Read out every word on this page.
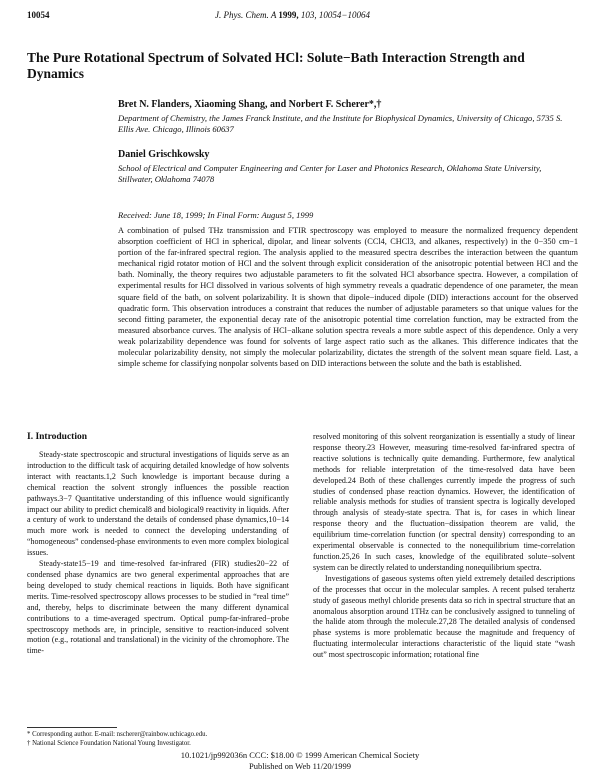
10054	J. Phys. Chem. A 1999, 103, 10054−10064
The Pure Rotational Spectrum of Solvated HCl: Solute−Bath Interaction Strength and Dynamics
Bret N. Flanders, Xiaoming Shang, and Norbert F. Scherer*,†
Department of Chemistry, the James Franck Institute, and the Institute for Biophysical Dynamics, University of Chicago, 5735 S. Ellis Ave. Chicago, Illinois 60637
Daniel Grischkowsky
School of Electrical and Computer Engineering and Center for Laser and Photonics Research, Oklahoma State University, Stillwater, Oklahoma 74078
Received: June 18, 1999; In Final Form: August 5, 1999

A combination of pulsed THz transmission and FTIR spectroscopy was employed to measure the normalized frequency dependent absorption coefficient of HCl in spherical, dipolar, and linear solvents (CCl4, CHCl3, and alkanes, respectively) in the 0−350 cm−1 portion of the far-infrared spectral region. The analysis applied to the measured spectra describes the interaction between the quantum mechanical rigid rotator motion of HCl and the solvent through explicit consideration of the anisotropic potential between HCl and the bath. Nominally, the theory requires two adjustable parameters to fit the solvated HCl absorbance spectra. However, a compilation of experimental results for HCl dissolved in various solvents of high symmetry reveals a quadratic dependence of one parameter, the mean square field of the bath, on solvent polarizability. It is shown that dipole−induced dipole (DID) interactions account for the observed quadratic form. This observation introduces a constraint that reduces the number of adjustable parameters so that unique values for the second fitting parameter, the exponential decay rate of the anisotropic potential time correlation function, may be extracted from the measured absorbance curves. The analysis of HCl−alkane solution spectra reveals a more subtle aspect of this dependence. Only a very weak polarizability dependence was found for solvents of large aspect ratio such as the alkanes. This difference indicates that the molecular polarizability density, not simply the molecular polarizability, dictates the strength of the solvent mean square field. Last, a simple scheme for classifying nonpolar solvents based on DID interactions between the solute and the bath is established.

I. Introduction

Steady-state spectroscopic and structural investigations of liquids serve as an introduction to the difficult task of acquiring detailed knowledge of how solvents interact with reactants.1,2 Such knowledge is important because during a chemical reaction the solvent strongly influences the possible reaction pathways.3−7 Quantitative understanding of this influence would significantly impact our ability to predict chemical8 and biological9 reactivity in liquids. After a century of work to understand the details of condensed phase dynamics,10−14 much more work is needed to connect the developing understanding of “homogeneous” condensed-phase environments to even more complex biological issues.

Steady-state15−19 and time-resolved far-infrared (FIR) studies20−22 of condensed phase dynamics are two general experimental approaches that are being developed to study chemical reactions in liquids. Both have significant merits. Time-resolved spectroscopy allows processes to be studied in “real time” and, thereby, helps to discriminate between the many different dynamical contributions to a time-averaged spectrum. Optical pump-far-infrared−probe spectroscopy methods are, in principle, sensitive to reaction-induced solvent motion (e.g., rotational and translational) in the vicinity of the chromophore. The time-

resolved monitoring of this solvent reorganization is essentially a study of linear response theory.23 However, measuring time-resolved far-infrared spectra of reactive solutions is technically quite demanding. Furthermore, few analytical methods for reliable interpretation of the time-resolved data have been developed.24 Both of these challenges currently impede the progress of such studies of condensed phase reaction dynamics. However, the identification of reliable analysis methods for studies of transient spectra is logically developed through analysis of steady-state spectra. That is, for cases in which linear response theory and the fluctuation−dissipation theorem are valid, the equilibrium time-correlation function (or spectral density) corresponding to an experimental observable is connected to the nonequilibrium time-correlation function.25,26 In such cases, knowledge of the equilibrated solute−solvent system can be directly related to understanding nonequilibrium spectra.

Investigations of gaseous systems often yield extremely detailed descriptions of the processes that occur in the molecular samples. A recent pulsed terahertz study of gaseous methyl chloride presents data so rich in spectral structure that an anomalous absorption around 1THz can be conclusively assigned to tunneling of the halide atom through the molecule.27,28 The detailed analysis of condensed phase systems is more problematic because the magnitude and frequency of fluctuating intermolecular interactions characteristic of the liquid state “wash out” most spectroscopic information; rotational fine

* Corresponding author. E-mail: nscherer@rainbow.uchicago.edu.
† National Science Foundation National Young Investigator.
10.1021/jp992036n CCC: $18.00 © 1999 American Chemical Society
Published on Web 11/20/1999
